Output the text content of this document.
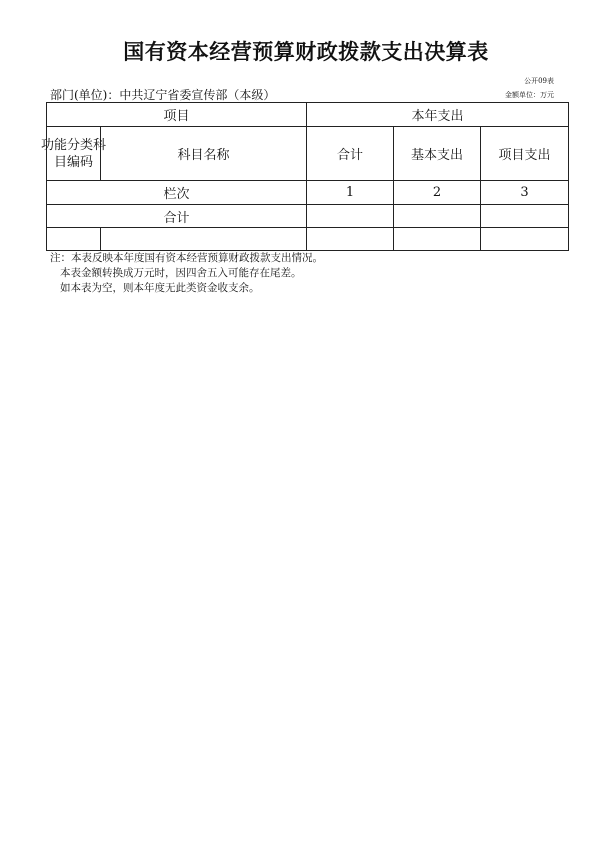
国有资本经营预算财政拨款支出决算表
公开09表
部门(单位)：中共辽宁省委宣传部（本级）	金额单位：万元
项目		本年支出		

功能分类科
目编码	科目名称	合计	基本支出	项目支出
栏次		1	2	3
合计				

注：本表反映本年度国有资本经营预算财政拨款支出情况。
本表金额转换成万元时，因四舍五入可能存在尾差。
如本表为空，则本年度无此类资金收支余。
